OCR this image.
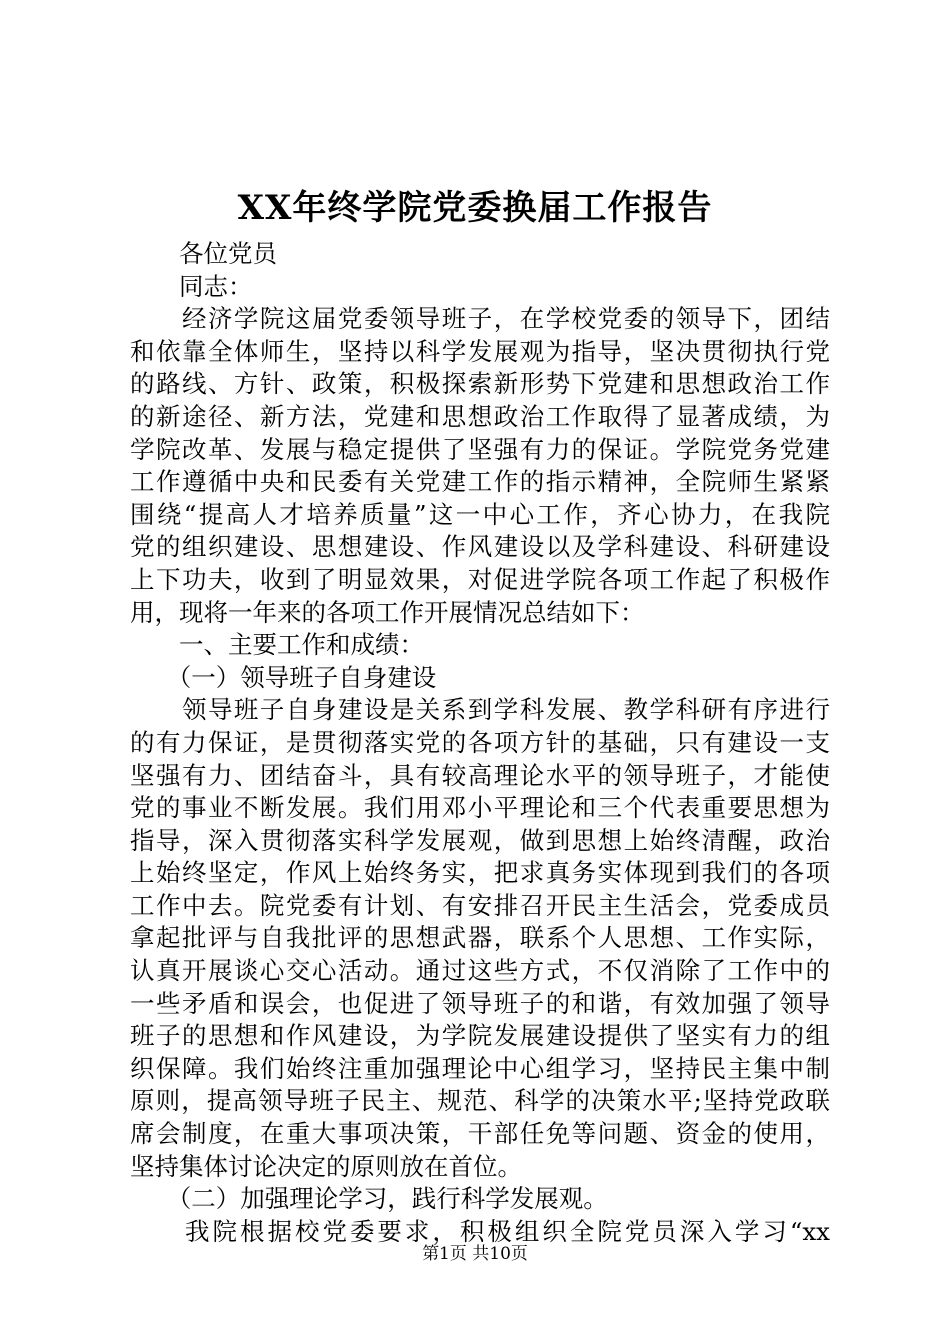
XX年终学院党委换届工作报告
　　各位党员
　　同志：
　　经济学院这届党委领导班子，在学校党委的领导下，团结
和依靠全体师生，坚持以科学发展观为指导，坚决贯彻执行党
的路线、方针、政策，积极探索新形势下党建和思想政治工作
的新途径、新方法，党建和思想政治工作取得了显著成绩，为
学院改革、发展与稳定提供了坚强有力的保证。学院党务党建
工作遵循中央和民委有关党建工作的指示精神，全院师生紧紧
围绕“提高人才培养质量”这一中心工作，齐心协力，在我院
党的组织建设、思想建设、作风建设以及学科建设、科研建设
上下功夫，收到了明显效果，对促进学院各项工作起了积极作
用，现将一年来的各项工作开展情况总结如下：
　　一、主要工作和成绩：
　　（一）领导班子自身建设
　　领导班子自身建设是关系到学科发展、教学科研有序进行
的有力保证，是贯彻落实党的各项方针的基础，只有建设一支
坚强有力、团结奋斗，具有较高理论水平的领导班子，才能使
党的事业不断发展。我们用邓小平理论和三个代表重要思想为
指导，深入贯彻落实科学发展观，做到思想上始终清醒，政治
上始终坚定，作风上始终务实，把求真务实体现到我们的各项
工作中去。院党委有计划、有安排召开民主生活会，党委成员
拿起批评与自我批评的思想武器，联系个人思想、工作实际，
认真开展谈心交心活动。通过这些方式，不仅消除了工作中的
一些矛盾和误会，也促进了领导班子的和谐，有效加强了领导
班子的思想和作风建设，为学院发展建设提供了坚实有力的组
织保障。我们始终注重加强理论中心组学习，坚持民主集中制
原则，提高领导班子民主、规范、科学的决策水平;坚持党政联
席会制度，在重大事项决策，干部任免等问题、资金的使用，
坚持集体讨论决定的原则放在首位。
　　（二）加强理论学习，践行科学发展观。
　　我院根据校党委要求，积极组织全院党员深入学习“xx
第1页 共10页
